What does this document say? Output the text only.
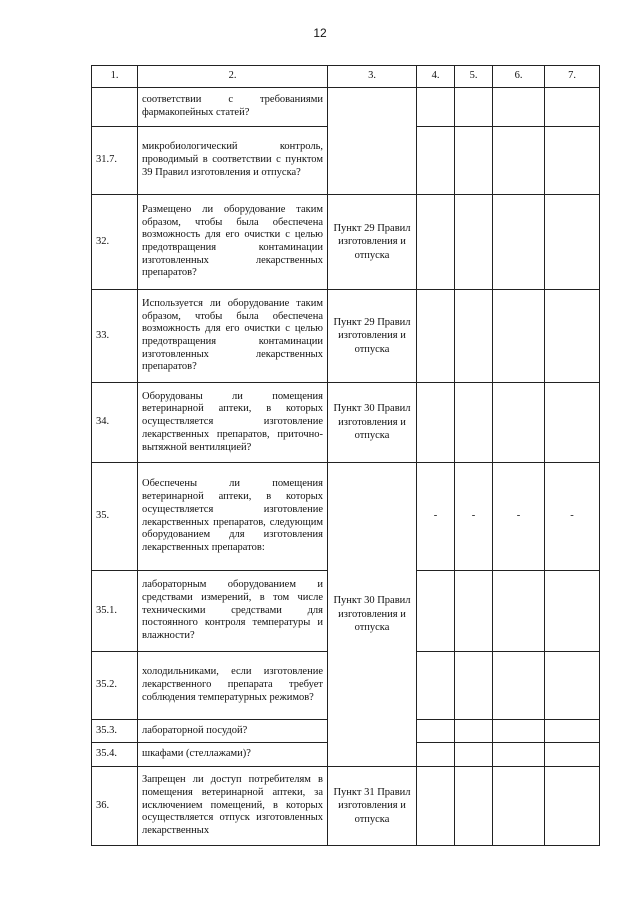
12
1.	2.	3.	4.	5.	6.	7.
	соответствии с требованиями фармакопейных статей?					
31.7.	микробиологический контроль, проводимый в соответствии с пунктом 39 Правил изготовления и отпуска?					
32.	Размещено ли оборудование таким образом, чтобы была обеспечена возможность для его очистки с целью предотвращения контаминации изготовленных лекарственных препаратов?	Пункт 29 Правил изготовления и отпуска				
33.	Используется ли оборудование таким образом, чтобы была обеспечена возможность для его очистки с целью предотвращения контаминации изготовленных лекарственных препаратов?	Пункт 29 Правил изготовления и отпуска				
34.	Оборудованы ли помещения ветеринарной аптеки, в которых осуществляется изготовление лекарственных препаратов, приточно-вытяжной вентиляцией?	Пункт 30 Правил изготовления и отпуска				
35.	Обеспечены ли помещения ветеринарной аптеки, в которых осуществляется изготовление лекарственных препаратов, следующим оборудованием для изготовления лекарственных препаратов:	Пункт 30 Правил изготовления и отпуска	-	-	-	-
35.1.	лабораторным оборудованием и средствами измерений, в том числе техническими средствами для постоянного контроля температуры и влажности?					
35.2.	холодильниками, если изготовление лекарственного препарата требует соблюдения температурных режимов?					
35.3.	лабораторной посудой?					
35.4.	шкафами (стеллажами)?					
36.	Запрещен ли доступ потребителям в помещения ветеринарной аптеки, за исключением помещений, в которых осуществляется отпуск изготовленных лекарственных	Пункт 31 Правил изготовления и отпуска				
